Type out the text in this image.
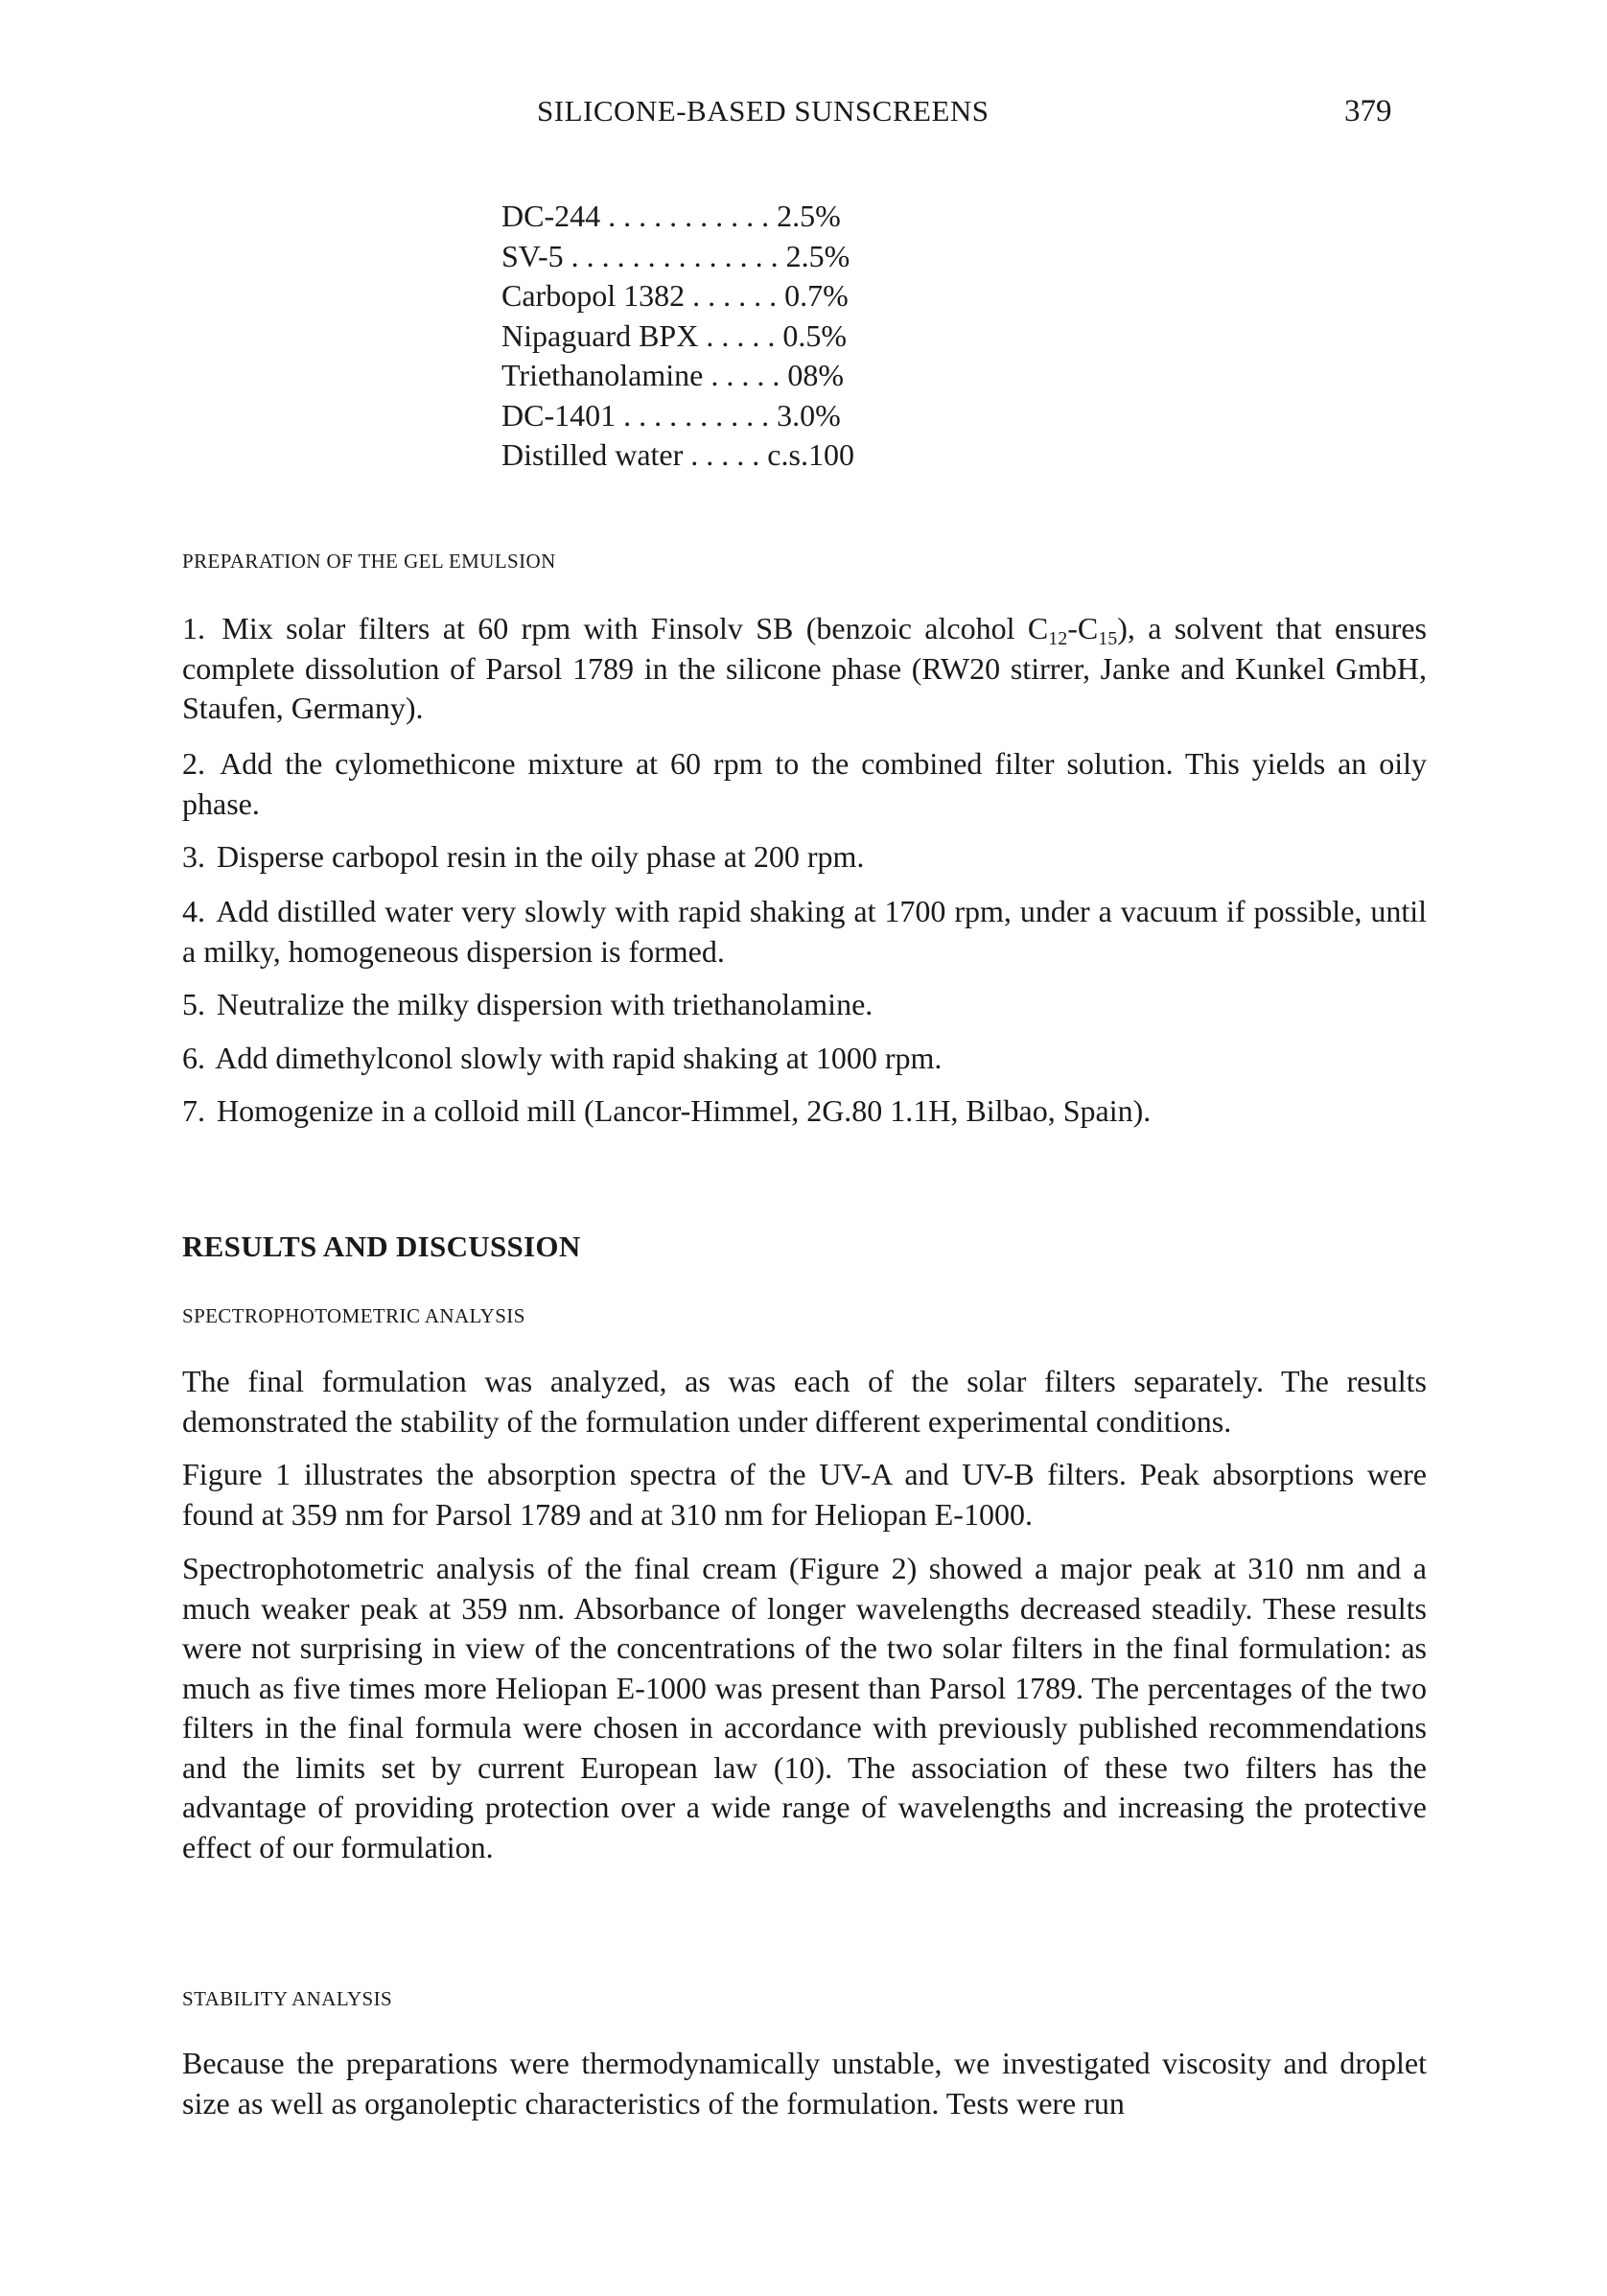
SILICONE-BASED SUNSCREENS	379
DC-244 . . . . . . . . . . . 2.5%
SV-5 . . . . . . . . . . . . . . 2.5%
Carbopol 1382 . . . . . . 0.7%
Nipaguard BPX . . . . . 0.5%
Triethanolamine . . . . . 08%
DC-1401 . . . . . . . . . . 3.0%
Distilled water . . . . . c.s.100
PREPARATION OF THE GEL EMULSION
1. Mix solar filters at 60 rpm with Finsolv SB (benzoic alcohol $C_{12}-C_{15}$), a solvent that ensures complete dissolution of Parsol 1789 in the silicone phase (RW20 stirrer, Janke and Kunkel GmbH, Staufen, Germany).
2. Add the cylomethicone mixture at 60 rpm to the combined filter solution. This yields an oily phase.
3. Disperse carbopol resin in the oily phase at 200 rpm.
4. Add distilled water very slowly with rapid shaking at 1700 rpm, under a vacuum if possible, until a milky, homogeneous dispersion is formed.
5. Neutralize the milky dispersion with triethanolamine.
6. Add dimethylconol slowly with rapid shaking at 1000 rpm.
7. Homogenize in a colloid mill (Lancor-Himmel, 2G.80 1.1H, Bilbao, Spain).
RESULTS AND DISCUSSION
SPECTROPHOTOMETRIC ANALYSIS
The final formulation was analyzed, as was each of the solar filters separately. The results demonstrated the stability of the formulation under different experimental conditions.
Figure 1 illustrates the absorption spectra of the UV-A and UV-B filters. Peak absorptions were found at 359 nm for Parsol 1789 and at 310 nm for Heliopan E-1000.
Spectrophotometric analysis of the final cream (Figure 2) showed a major peak at 310 nm and a much weaker peak at 359 nm. Absorbance of longer wavelengths decreased steadily. These results were not surprising in view of the concentrations of the two solar filters in the final formulation: as much as five times more Heliopan E-1000 was present than Parsol 1789. The percentages of the two filters in the final formula were chosen in accordance with previously published recommendations and the limits set by current European law (10). The association of these two filters has the advantage of providing protection over a wide range of wavelengths and increasing the protective effect of our formulation.
STABILITY ANALYSIS
Because the preparations were thermodynamically unstable, we investigated viscosity and droplet size as well as organoleptic characteristics of the formulation. Tests were run
